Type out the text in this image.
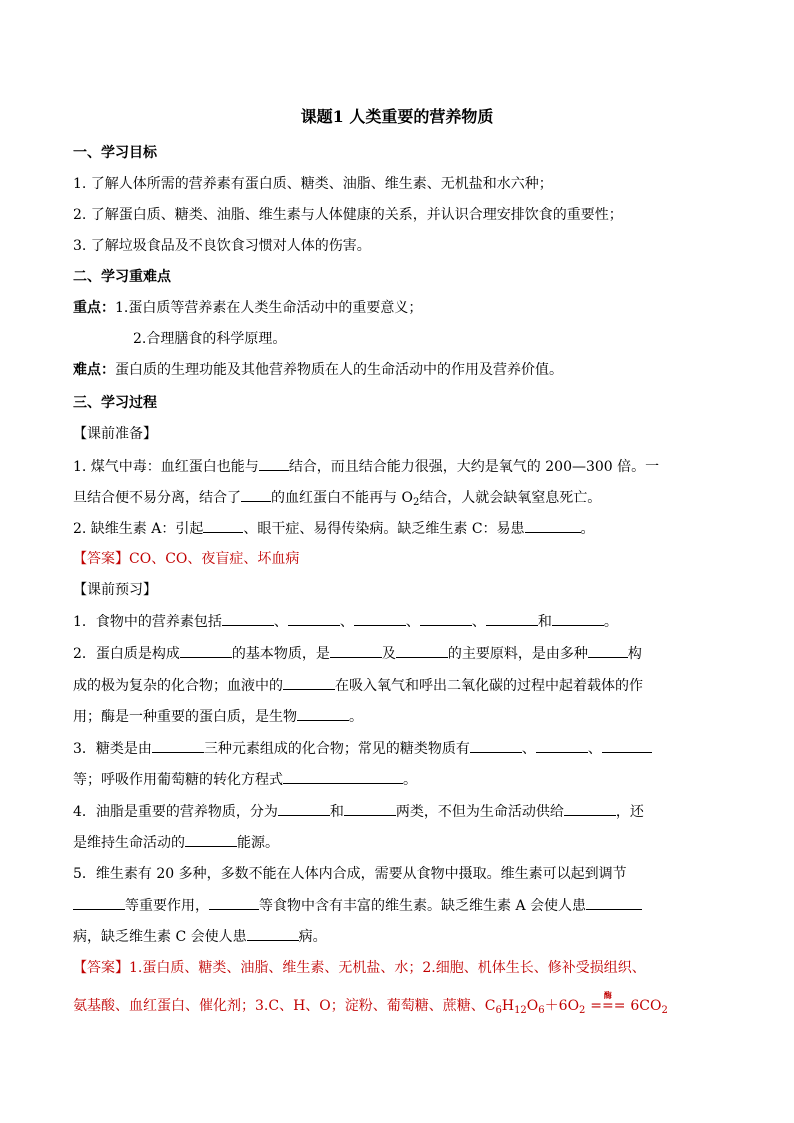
课题1 人类重要的营养物质
一、学习目标
1. 了解人体所需的营养素有蛋白质、糖类、油脂、维生素、无机盐和水六种；
2. 了解蛋白质、糖类、油脂、维生素与人体健康的关系，并认识合理安排饮食的重要性；
3. 了解垃圾食品及不良饮食习惯对人体的伤害。
二、学习重难点
重点：1.蛋白质等营养素在人类生命活动中的重要意义；
2.合理膳食的科学原理。
难点：蛋白质的生理功能及其他营养物质在人的生命活动中的作用及营养价值。
三、学习过程
【课前准备】
1. 煤气中毒：血红蛋白也能与 结合，而且结合能力很强，大约是氧气的 200—300 倍。一
旦结合便不易分离，结合了 的血红蛋白不能再与 $O_2$结合，人就会缺氧窒息死亡。
2. 缺维生素 A：引起	、眼干症、易得传染病。缺乏维生素 C：易患	。
【答案】CO、CO、夜盲症、坏血病
【课前预习】
1．食物中的营养素包括	、	、	、	、	和	。
2．蛋白质是构成	的基本物质，是	及	的主要原料，是由多种	构
成的极为复杂的化合物；血液中的	在吸入氧气和呼出二氧化碳的过程中起着载体的作
用；酶是一种重要的蛋白质，是生物	。
3．糖类是由	三种元素组成的化合物；常见的糖类物质有	、	、
等；呼吸作用葡萄糖的转化方程式	。
4．油脂是重要的营养物质，分为	和	两类，不但为生命活动供给	，还
是维持生命活动的	能源。
5．维生素有 20 多种，多数不能在人体内合成，需要从食物中摄取。维生素可以起到调节
等重要作用，	等食物中含有丰富的维生素。缺乏维生素 A 会使人患
病，缺乏维生素 C 会使人患	病。
【答案】1.蛋白质、糖类、油脂、维生素、无机盐、水；2.细胞、机体生长、修补受损组织、
氨基酸、血红蛋白、催化剂；3.C、H、O；淀粉、葡萄糖、蔗糖、$C_6H_{12}O_6+6O_2$
酶
=== $6CO_2$
